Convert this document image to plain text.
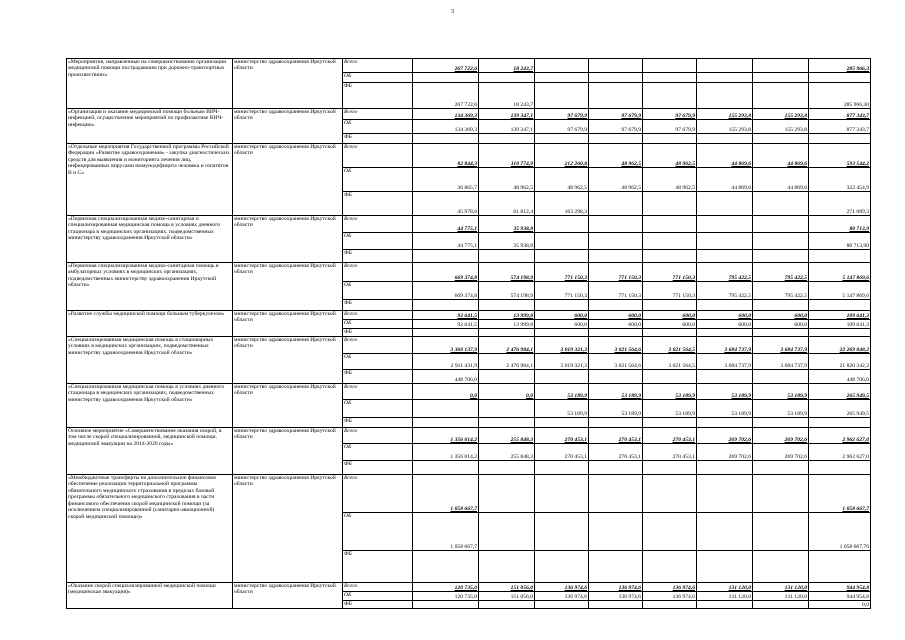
3
«Мероприятия, направленные на совершенствование организации медицинской помощи пострадавшим при дорожно-транспортных происшествиях»	министерство здравоохранения Иркутской области	Всего	267 722,6	18 243,7						285 966,3
		ОБ								
		ФБ	267 722,6	18 243,7						285 966,30
«Организация и оказание медицинской помощи больным ВИЧ-инфекцией, осуществление мероприятий по профилактике ВИЧ-инфекции»	министерство здравоохранения Иркутской области	Всего	134 369,3	139 347,1	97 679,9	97 679,9	97 679,9	155 293,8	155 293,8	877 343,7
		ОБ	134 369,3	139 347,1	97 679,9	97 679,9	97 679,9	155 293,8	155 293,8	877 343,7
		ФБ								
«Отдельные мероприятия Государственной программы Российской Федерации «Развитие здравоохранения» - закупка диагностических средств для выявления и мониторинга лечения лиц, инфицированных вирусами иммунодефицита человека и гепатитов В и С»	министерство здравоохранения Иркутской области	Всего	82 844,3	110 774,9	212 260,8	48 962,5	48 962,5	44 869,6	44 869,6	593 544,2
		ОБ	36 865,7	48 962,5	48 962,5	48 962,5	48 962,5	44 869,6	44 869,6	322 454,9
		ФБ	45 978,6	61 812,4	163 298,3					271 089,3
«Первичная специализированная медико-санитарная и специализированная медицинская помощь в условиях дневного стационара в медицинских организациях, подведомственных министерству здравоохранения Иркутской области»	министерство здравоохранения Иркутской области	Всего	44 775,1	35 938,8						80 713,9
		ОБ	44 775,1	35 938,8						80 713,90
		ФБ								
«Первичная специализированная медико-санитарная помощь в амбулаторных условиях в медицинских организациях, подведомственных министерству здравоохранения Иркутской области»	министерство здравоохранения Иркутской области	Всего	669 374,8	574 198,9	771 150,3	771 150,3	771 150,3	795 422,5	795 422,5	5 147 869,6
		ОБ	669 374,8	574 198,9	771 150,3	771 150,3	771 150,3	795 422,5	795 422,5	5 147 869,6
		ФБ								
«Развитие службы медицинской помощи больным туберкулезом»	министерство здравоохранения Иркутской области	Всего	92 641,5	13 999,8	600,0	600,0	600,0	600,0	600,0	109 641,3
		ОБ	92 641,5	13 999,8	600,0	600,0	600,0	600,0	600,0	109 641,3
		ФБ								
«Специализированная медицинская помощь в стационарных условиях в медицинских организациях, подведомственных министерству здравоохранения Иркутской области»	министерство здравоохранения Иркутской области	Всего	3 360 137,9	2 476 984,1	3 019 321,3	3 021 564,6	3 021 564,5	3 684 737,9	3 684 737,9	22 269 048,2
		ОБ	2 911 431,9	2 476 984,1	3 019 321,3	3 021 564,6	3 021 564,5	3 684 737,9	3 684 737,9	21 820 342,2
		ФБ	448 706,0							448 706,0
«Специализированная медицинская помощь в условиях дневного стационара в медицинских организациях, подведомственных министерству здравоохранения Иркутской области»	министерство здравоохранения Иркутской области	Всего	0,0	0,0	53 189,9	53 189,9	53 189,9	53 189,9	53 189,9	265 949,5
		ОБ			53 189,9	53 189,9	53 189,9	53 189,9	53 189,9	265 949,5
		ФБ								
Основное мероприятие «Совершенствование оказания скорой, в том числе скорой специализированной, медицинской помощи, медицинской эвакуации на 2014-2020 годы»	министерство здравоохранения Иркутской области	Всего	1 356 014,2	255 848,3	270 453,1	270 453,1	270 453,1	269 702,6	269 702,6	2 962 627,0
		ОБ	1 356 014,2	255 848,3	270 453,1	270 453,1	270 453,1	269 702,6	269 702,6	2 962 627,0
		ФБ								
«Межбюджетные трансферты на дополнительное финансовое обеспечение реализации территориальной программы обязательного медицинского страхования в пределах базовой программы обязательного медицинского страхования в части финансового обеспечения скорой медицинской помощи (за исключением специализированной (санитарно-авиационной) скорой медицинской помощи)»	министерство здравоохранения Иркутской области	Всего	1 058 667,7							1 058 667,7
		ОБ	1 058 667,7							1 058 667,70
		ФБ								
«Оказание скорой специализированной медицинской помощи (медицинская эвакуация)»	министерство здравоохранения Иркутской области	Всего	120 735,0	151 056,0	136 974,6	136 974,6	136 974,6	131 120,0	131 120,0	944 954,8
		ОБ	120 735,0	151 056,0	136 974,6	136 974,6	136 974,6	131 120,0	131 120,0	944 954,8
		ФБ								0,0
